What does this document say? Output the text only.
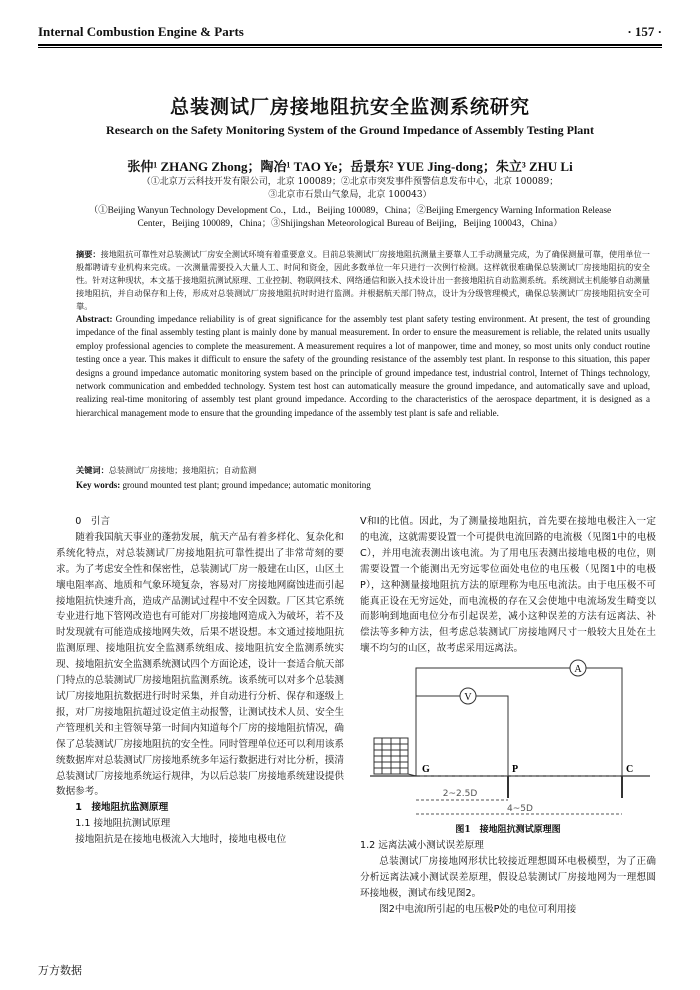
Internal Combustion Engine & Parts	· 157 ·
总装测试厂房接地阻抗安全监测系统研究
Research on the Safety Monitoring System of the Ground Impedance of Assembly Testing Plant
张仲¹ ZHANG Zhong；陶冶¹ TAO Ye；岳景东² YUE Jing-dong；朱立³ ZHU Li
（①北京万云科技开发有限公司，北京 100089；②北京市突发事件预警信息发布中心，北京 100089；
③北京市石景山气象局，北京 100043）
（①Beijing Wanyun Technology Development Co.，Ltd.，Beijing 100089，China；②Beijing Emergency Warning Information Release
Center，Beijing 100089，China；③Shijingshan Meteorological Bureau of Beijing，Beijing 100043，China）
摘要：接地阻抗可靠性对总装测试厂房安全测试环境有着重要意义。目前总装测试厂房接地阻抗测量主要靠人工手动测量完成，为了确保测量可靠，使用单位一般都聘请专业机构来完成。一次测量需要投入大量人工、时间和资金，因此多数单位一年只进行一次例行检测。这样就很难确保总装测试厂房接地阻抗的安全性。针对这种现状，本文基于接地阻抗测试原理、工业控制、物联网技术、网络通信和嵌入技术设计出一套接地阻抗自动监测系统。系统测试主机能够自动测量接地阻抗，并自动保存和上传，形成对总装测试厂房接地阻抗时时进行监测。并根据航天部门特点，设计为分级管理模式，确保总装测试厂房接地阻抗安全可靠。
Abstract: Grounding impedance reliability is of great significance for the assembly test plant safety testing environment. At present, the test of grounding impedance of the final assembly testing plant is mainly done by manual measurement. In order to ensure the measurement is reliable, the related units usually employ professional agencies to complete the measurement. A measurement requires a lot of manpower, time and money, so most units only conduct routine testing once a year. This makes it difficult to ensure the safety of the grounding resistance of the assembly test plant. In response to this situation, this paper designs a ground impedance automatic monitoring system based on the principle of ground impedance test, industrial control, Internet of Things technology, network communication and embedded technology. System test host can automatically measure the ground impedance, and automatically save and upload, realizing real-time monitoring of assembly test plant ground impedance. According to the characteristics of the aerospace department, it is designed as a hierarchical management mode to ensure that the grounding impedance of the assembly test plant is safe and reliable.
关键词：总装测试厂房接地；接地阻抗；自动监测
Key words: ground mounted test plant; ground impedance; automatic monitoring
0　引言

随着我国航天事业的蓬勃发展，航天产品有着多样化、复杂化和系统化特点，对总装测试厂房接地阻抗可靠性提出了非常苛刻的要求。为了考虑安全性和保密性，总装测试厂房一般建在山区，山区土壤电阻率高、地质和气象环境复杂，容易对厂房接地网腐蚀进而引起接地阻抗快速升高，造成产品测试过程中不安全因数。厂区其它系统专业进行地下管网改造也有可能对厂房接地网造成入为破坏，若不及时发现就有可能造成接地网失效，后果不堪设想。本文通过接地阻抗监测原理、接地阻抗安全监测系统组成、接地阻抗安全监测系统实现、接地阻抗安全监测系统测试四个方面论述，设计一套适合航天部门特点的总装测试厂房接地阻抗监测系统。该系统可以对多个总装测试厂房接地阻抗数据进行时时采集，并自动进行分析、保存和逐级上报，对厂房接地阻抗超过设定值主动报警，让测试技术人员、安全生产管理机关和主管领导第一时间内知道每个厂房的接地阻抗情况，确保了总装测试厂房接地阻抗的安全性。同时管理单位还可以利用该系统数据库对总装测试厂房接地系统多年运行数据进行对比分析，摸清总装测试厂房接地系统运行规律，为以后总装厂房接地系统建设提供数据参考。

1　接地阻抗监测原理
1.1 接地阻抗测试原理

接地阻抗是在接地电极流入大地时，接地电极电位

V和I的比值。因此，为了测量接地阻抗，首先要在接地电极注入一定的电流，这就需要设置一个可提供电流回路的电流极（见图1中的电极C），并用电流表测出该电流。为了用电压表测出接地电极的电位，则需要设置一个能测出无穷远零位面处电位的电压极（见图1中的电极P），这种测量接地阻抗方法的原理称为电压电流法。由于电压极不可能真正设在无穷远处，而电流极的存在又会使地中电流场发生畸变以而影响到地面电位分布引起误差，减小这种误差的方法有远离法、补偿法等多种方法，但考虑总装测试厂房接地网尺寸一般较大且处在土壤不均匀的山区，故考虑采用远离法。

A
V
G	P	C
2~2.5D
4~5D
图1　接地阻抗测试原理图
1.2 远离法减小测试误差原理

总装测试厂房接地网形状比较接近理想圆环电极模型，为了正确分析远离法减小测试误差原理，假设总装测试厂房接地网为一理想圆环接地极，测试布线见图2。

图2中电流I所引起的电压极P处的电位可利用接

万方数据
